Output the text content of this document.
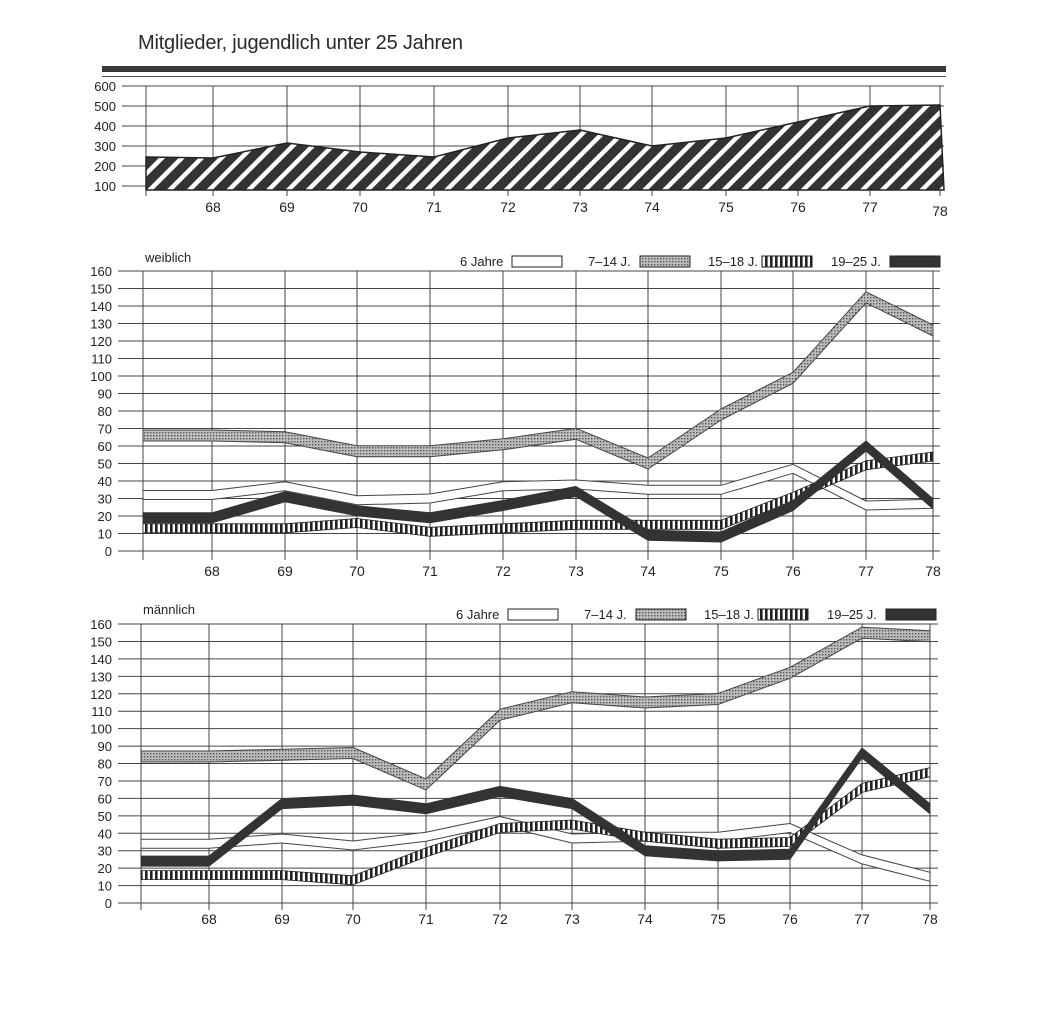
Mitglieder, jugendlich unter 25 Jahren
600
500
400
300
200
100
68	69	70	71	72	73	74	75	76	77	78
160
150
140
130
120
110
100
90
80
70
60
50
40
30
20
10
0
68	69	70	71	72	73	74	75	76	77	78
weiblich	6 Jahre	7–14 J.	15–18 J.	19–25 J.
160
150
140
130
120
110
100
90
80
70
60
50
40
30
20
10
0
68	69	70	71	72	73	74	75	76	77	78
männlich	6 Jahre	7–14 J.	15–18 J.	19–25 J.
